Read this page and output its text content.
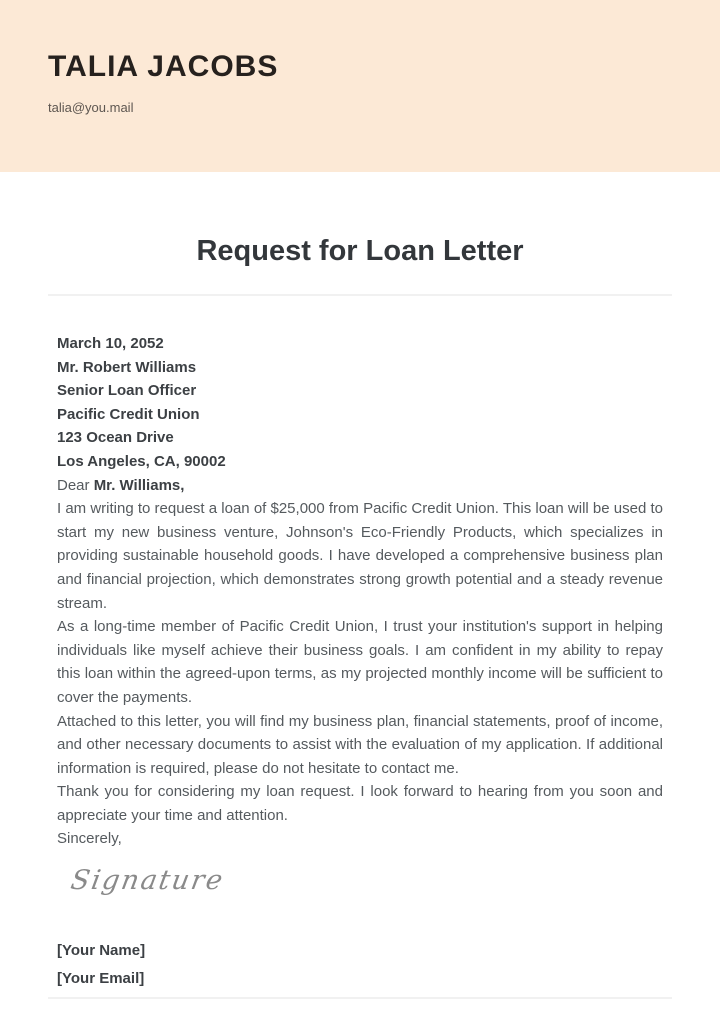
TALIA JACOBS
talia@you.mail
Request for Loan Letter
March 10, 2052
Mr. Robert Williams
Senior Loan Officer
Pacific Credit Union
123 Ocean Drive
Los Angeles, CA, 90002
Dear Mr. Williams,

I am writing to request a loan of $25,000 from Pacific Credit Union. This loan will be used to start my new business venture, Johnson's Eco-Friendly Products, which specializes in providing sustainable household goods. I have developed a comprehensive business plan and financial projection, which demonstrates strong growth potential and a steady revenue stream.

As a long-time member of Pacific Credit Union, I trust your institution's support in helping individuals like myself achieve their business goals. I am confident in my ability to repay this loan within the agreed-upon terms, as my projected monthly income will be sufficient to cover the payments.

Attached to this letter, you will find my business plan, financial statements, proof of income, and other necessary documents to assist with the evaluation of my application. If additional information is required, please do not hesitate to contact me.

Thank you for considering my loan request. I look forward to hearing from you soon and appreciate your time and attention.

Sincerely,
Signature
[Your Name]
[Your Email]
